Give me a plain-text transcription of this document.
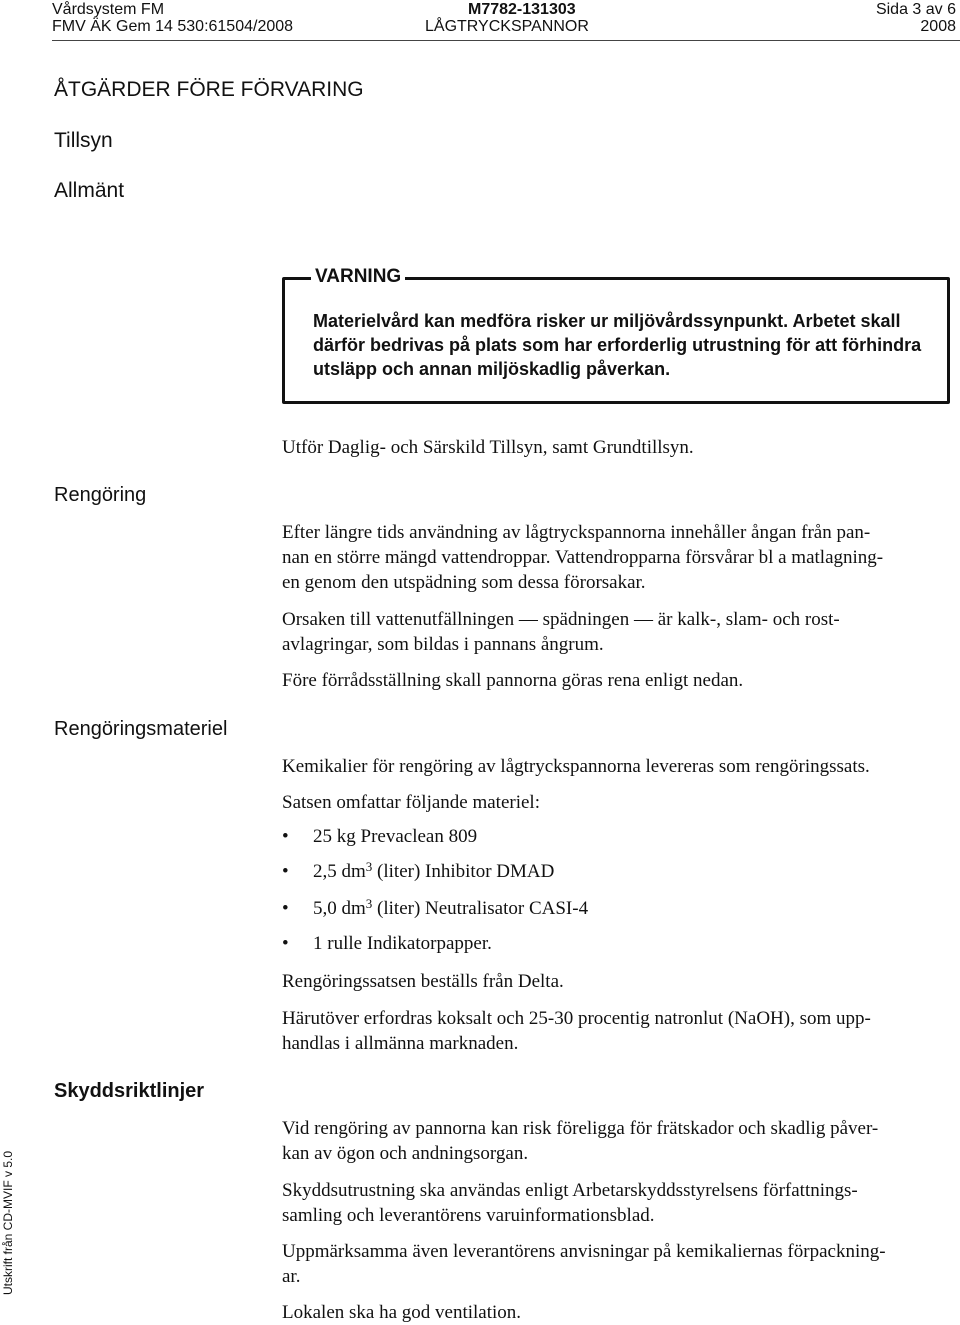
Vårdsystem FM
FMV ÄK Gem 14 530:61504/2008
M7782-131303
LÅGTRYCKSPANNOR
Sida 3 av 6
2008
ÅTGÄRDER FÖRE FÖRVARING
Tillsyn
Allmänt
VARNING
Materielvård kan medföra risker ur miljövårdssynpunkt. Arbetet skall därför bedrivas på plats som har erforderlig utrustning för att förhindra utsläpp och annan miljöskadlig påverkan.
Utför Daglig- och Särskild Tillsyn, samt Grundtillsyn.
Rengöring
Efter längre tids användning av lågtryckspannorna innehåller ångan från pan-
nan en större mängd vattendroppar. Vattendropparna försvårar bl a matlagning-
en genom den utspädning som dessa förorsakar.
Orsaken till vattenutfällningen — spädningen — är kalk-, slam- och rost-
avlagringar, som bildas i pannans ångrum.
Före förrådsställning skall pannorna göras rena enligt nedan.
Rengöringsmateriel
Kemikalier för rengöring av lågtryckspannorna levereras som rengöringssats.
Satsen omfattar följande materiel:
• 25 kg Prevaclean 809
• 2,5 $dm^3$ (liter) Inhibitor DMAD
• 5,0 $dm^3$ (liter) Neutralisator CASI-4
• 1 rulle Indikatorpapper.
Rengöringssatsen beställs från Delta.
Härutöver erfordras koksalt och 25-30 procentig natronlut (NaOH), som upp-
handlas i allmänna marknaden.
Skyddsriktlinjer
Vid rengöring av pannorna kan risk föreligga för frätskador och skadlig påver-
kan av ögon och andningsorgan.
Skyddsutrustning ska användas enligt Arbetarskyddsstyrelsens författnings-
samling och leverantörens varuinformationsblad.
Uppmärksamma även leverantörens anvisningar på kemikaliernas förpackning-
ar.
Lokalen ska ha god ventilation.
Utskrift från CD-MVIF v 5.0
